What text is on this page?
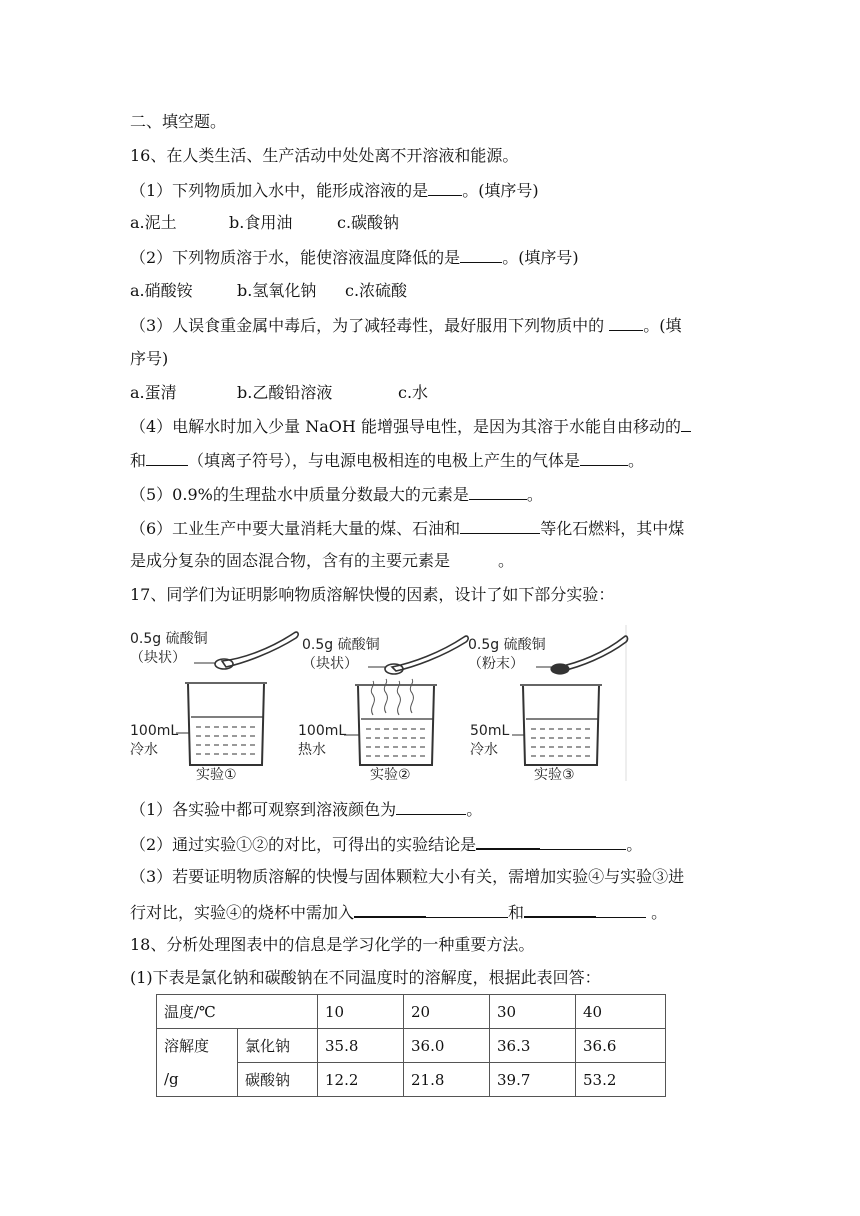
二、填空题。
16、在人类生活、生产活动中处处离不开溶液和能源。
（1）下列物质加入水中，能形成溶液的是 。(填序号)
a.泥土	b.食用油	c.碳酸钠
（2）下列物质溶于水，能使溶液温度降低的是	。(填序号)
a.硝酸铵	b.氢氧化钠 c.浓硫酸
（3）人误食重金属中毒后，为了减轻毒性，最好服用下列物质中的 。(填
序号)
a.蛋清	b.乙酸铅溶液	c.水
（4）电解水时加入少量 NaOH 能增强导电性，是因为其溶于水能自由移动的
和	（填离子符号），与电源电极相连的电极上产生的气体是	。
（5）0.9%的生理盐水中质量分数最大的元素是	。
（6）工业生产中要大量消耗大量的煤、石油和	等化石燃料，其中煤
是成分复杂的固态混合物，含有的主要元素是	。
17、同学们为证明影响物质溶解快慢的因素，设计了如下部分实验：
0.5g 硫酸铜
（块状）
100mL
冷水
实验①
0.5g 硫酸铜
（块状）
100mL
热水
实验②
0.5g 硫酸铜
（粉末）
50mL
冷水
实验③
（1）各实验中都可观察到溶液颜色为	。
（2）通过实验①②的对比，可得出的实验结论是	。
（3）若要证明物质溶解的快慢与固体颗粒大小有关，需增加实验④与实验③进
行对比，实验④的烧杯中需加入	和	。
18、分析处理图表中的信息是学习化学的一种重要方法。
(1)下表是氯化钠和碳酸钠在不同温度时的溶解度，根据此表回答：
温度/℃		10	20	30	40

溶解度
/g	氯化钠	35.8	36.0	36.3	36.6
	碳酸钠	12.2	21.8	39.7	53.2
